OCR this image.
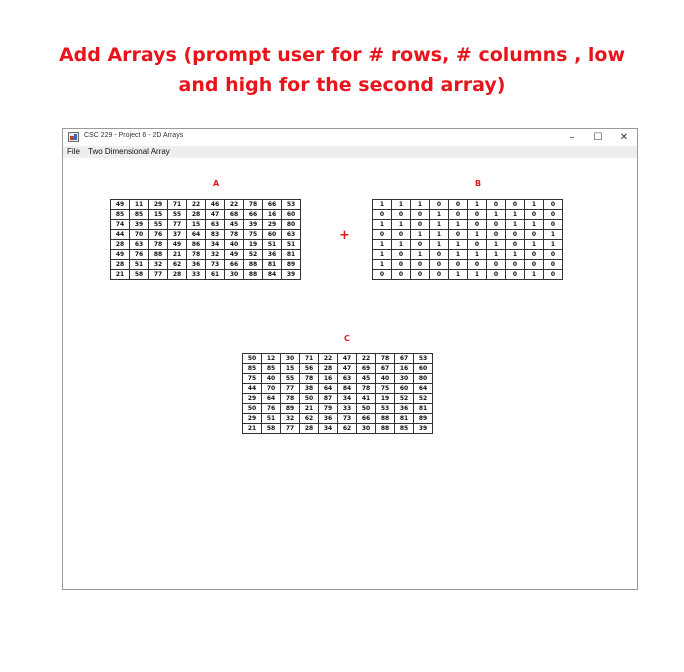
Add Arrays (prompt user for # rows, # columns , low
and high for the second array)
CSC 229 - Project 6 - 2D Arrays	–	☐	✕
File Two Dimensional Array
A
49	11	29	71	22	46	22	78	66	53
85	85	15	55	28	47	68	66	16	60
74	39	55	77	15	63	45	39	29	80
44	70	76	37	64	83	78	75	60	63
28	63	78	49	86	34	40	19	51	51
49	76	88	21	78	32	49	52	36	81
28	51	32	62	36	73	66	88	81	89
21	58	77	28	33	61	30	88	84	39
+
B
1	1	1	0	0	1	0	0	1	0
0	0	0	1	0	0	1	1	0	0
1	1	0	1	1	0	0	1	1	0
0	0	1	1	0	1	0	0	0	1
1	1	0	1	1	0	1	0	1	1
1	0	1	0	1	1	1	1	0	0
1	0	0	0	0	0	0	0	0	0
0	0	0	0	1	1	0	0	1	0
C
50	12	30	71	22	47	22	78	67	53
85	85	15	56	28	47	69	67	16	60
75	40	55	78	16	63	45	40	30	80
44	70	77	38	64	84	78	75	60	64
29	64	78	50	87	34	41	19	52	52
50	76	89	21	79	33	50	53	36	81
29	51	32	62	36	73	66	88	81	89
21	58	77	28	34	62	30	88	85	39
